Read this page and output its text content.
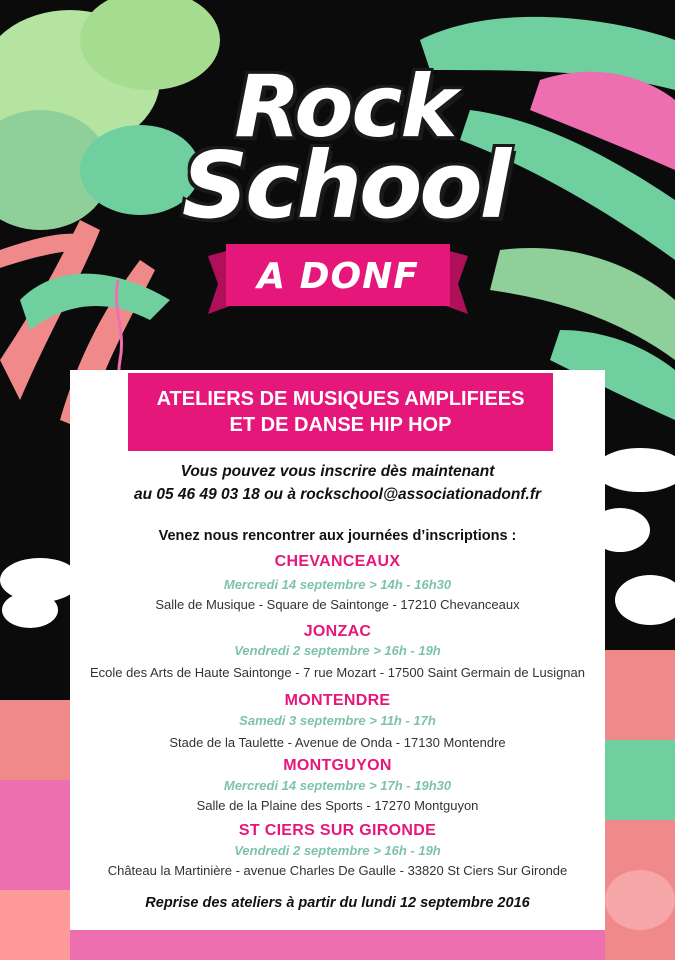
Rock
School
A DONF
ATELIERS DE MUSIQUES AMPLIFIEES
ET DE DANSE HIP HOP
Vous pouvez vous inscrire dès maintenant
au 05 46 49 03 18 ou à rockschool@associationadonf.fr
Venez nous rencontrer aux journées d’inscriptions :
CHEVANCEAUX
Mercredi 14 septembre > 14h - 16h30
Salle de Musique - Square de Saintonge - 17210 Chevanceaux
JONZAC
Vendredi 2 septembre > 16h - 19h
Ecole des Arts de Haute Saintonge - 7 rue Mozart - 17500 Saint Germain de Lusignan
MONTENDRE
Samedi 3 septembre > 11h - 17h
Stade de la Taulette - Avenue de Onda - 17130 Montendre
MONTGUYON
Mercredi 14 septembre > 17h - 19h30
Salle de la Plaine des Sports - 17270 Montguyon
ST CIERS SUR GIRONDE
Vendredi 2 septembre > 16h - 19h
Château la Martinière - avenue Charles De Gaulle - 33820 St Ciers Sur Gironde
Reprise des ateliers à partir du lundi 12 septembre 2016
